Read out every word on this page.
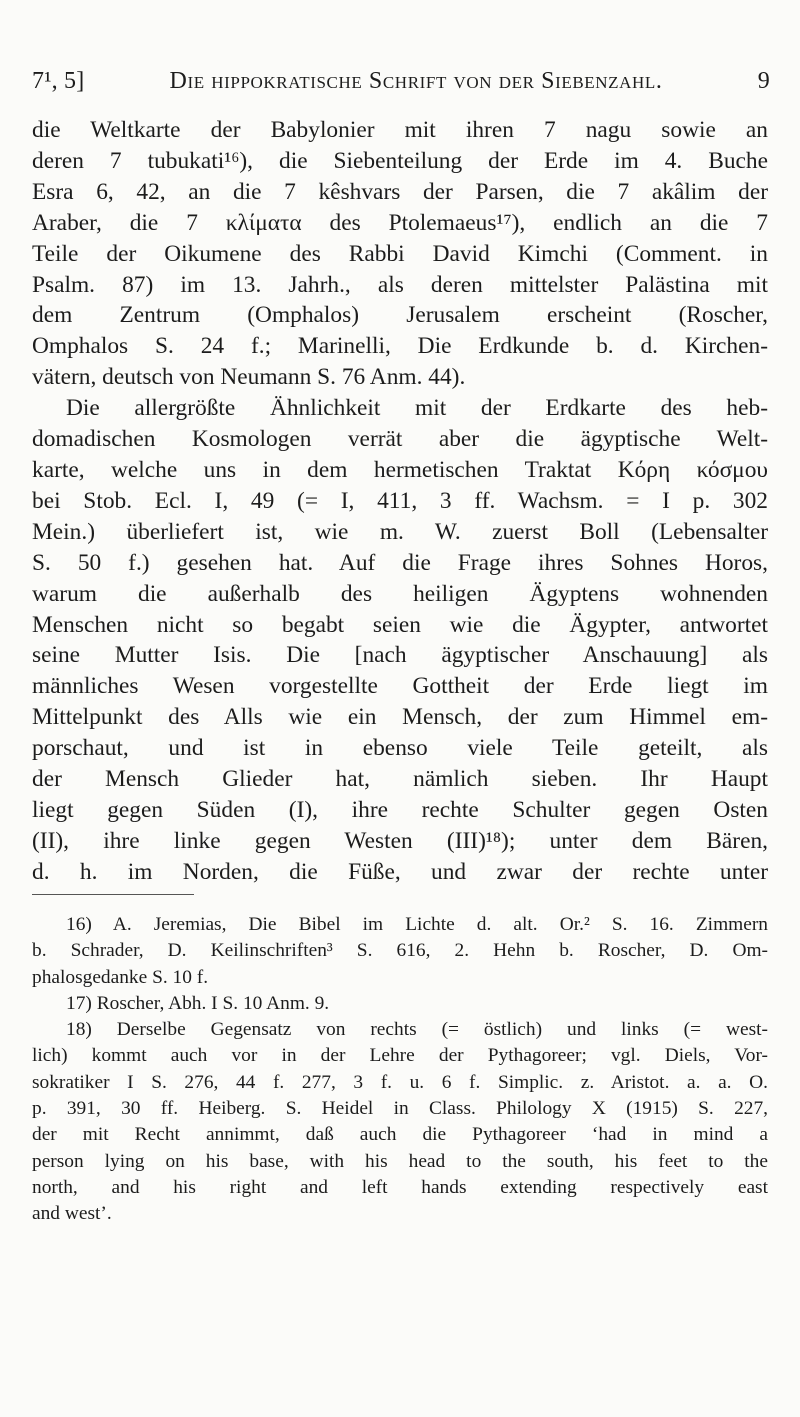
7¹, 5]	Die hippokratische Schrift von der Siebenzahl.	9
die Weltkarte der Babylonier mit ihren 7 nagu sowie an
deren 7 tubukati¹⁶), die Siebenteilung der Erde im 4. Buche
Esra 6, 42, an die 7 kêshvars der Parsen, die 7 akâlim der
Araber, die 7 κλίματα des Ptolemaeus¹⁷), endlich an die 7
Teile der Oikumene des Rabbi David Kimchi (Comment. in
Psalm. 87) im 13. Jahrh., als deren mittelster Palästina mit
dem Zentrum (Omphalos) Jerusalem erscheint (Roscher,
Omphalos S. 24 f.; Marinelli, Die Erdkunde b. d. Kirchen-
vätern, deutsch von Neumann S. 76 Anm. 44).
Die allergrößte Ähnlichkeit mit der Erdkarte des heb-
domadischen Kosmologen verrät aber die ägyptische Welt-
karte, welche uns in dem hermetischen Traktat Κόρη κόσμου
bei Stob. Ecl. I, 49 (= I, 411, 3 ff. Wachsm. = I p. 302
Mein.) überliefert ist, wie m. W. zuerst Boll (Lebensalter
S. 50 f.) gesehen hat. Auf die Frage ihres Sohnes Horos,
warum die außerhalb des heiligen Ägyptens wohnenden
Menschen nicht so begabt seien wie die Ägypter, antwortet
seine Mutter Isis. Die [nach ägyptischer Anschauung] als
männliches Wesen vorgestellte Gottheit der Erde liegt im
Mittelpunkt des Alls wie ein Mensch, der zum Himmel em-
porschaut, und ist in ebenso viele Teile geteilt, als
der Mensch Glieder hat, nämlich sieben. Ihr Haupt
liegt gegen Süden (I), ihre rechte Schulter gegen Osten
(II), ihre linke gegen Westen (III)¹⁸); unter dem Bären,
d. h. im Norden, die Füße, und zwar der rechte unter
16) A. Jeremias, Die Bibel im Lichte d. alt. Or.² S. 16. Zimmern
b. Schrader, D. Keilinschriften³ S. 616, 2. Hehn b. Roscher, D. Om-
phalosgedanke S. 10 f.
17) Roscher, Abh. I S. 10 Anm. 9.
18) Derselbe Gegensatz von rechts (= östlich) und links (= west-
lich) kommt auch vor in der Lehre der Pythagoreer; vgl. Diels, Vor-
sokratiker I S. 276, 44 f. 277, 3 f. u. 6 f. Simplic. z. Aristot. a. a. O.
p. 391, 30 ff. Heiberg. S. Heidel in Class. Philology X (1915) S. 227,
der mit Recht annimmt, daß auch die Pythagoreer ‘had in mind a
person lying on his base, with his head to the south, his feet to the
north, and his right and left hands extending respectively east
and west’.
